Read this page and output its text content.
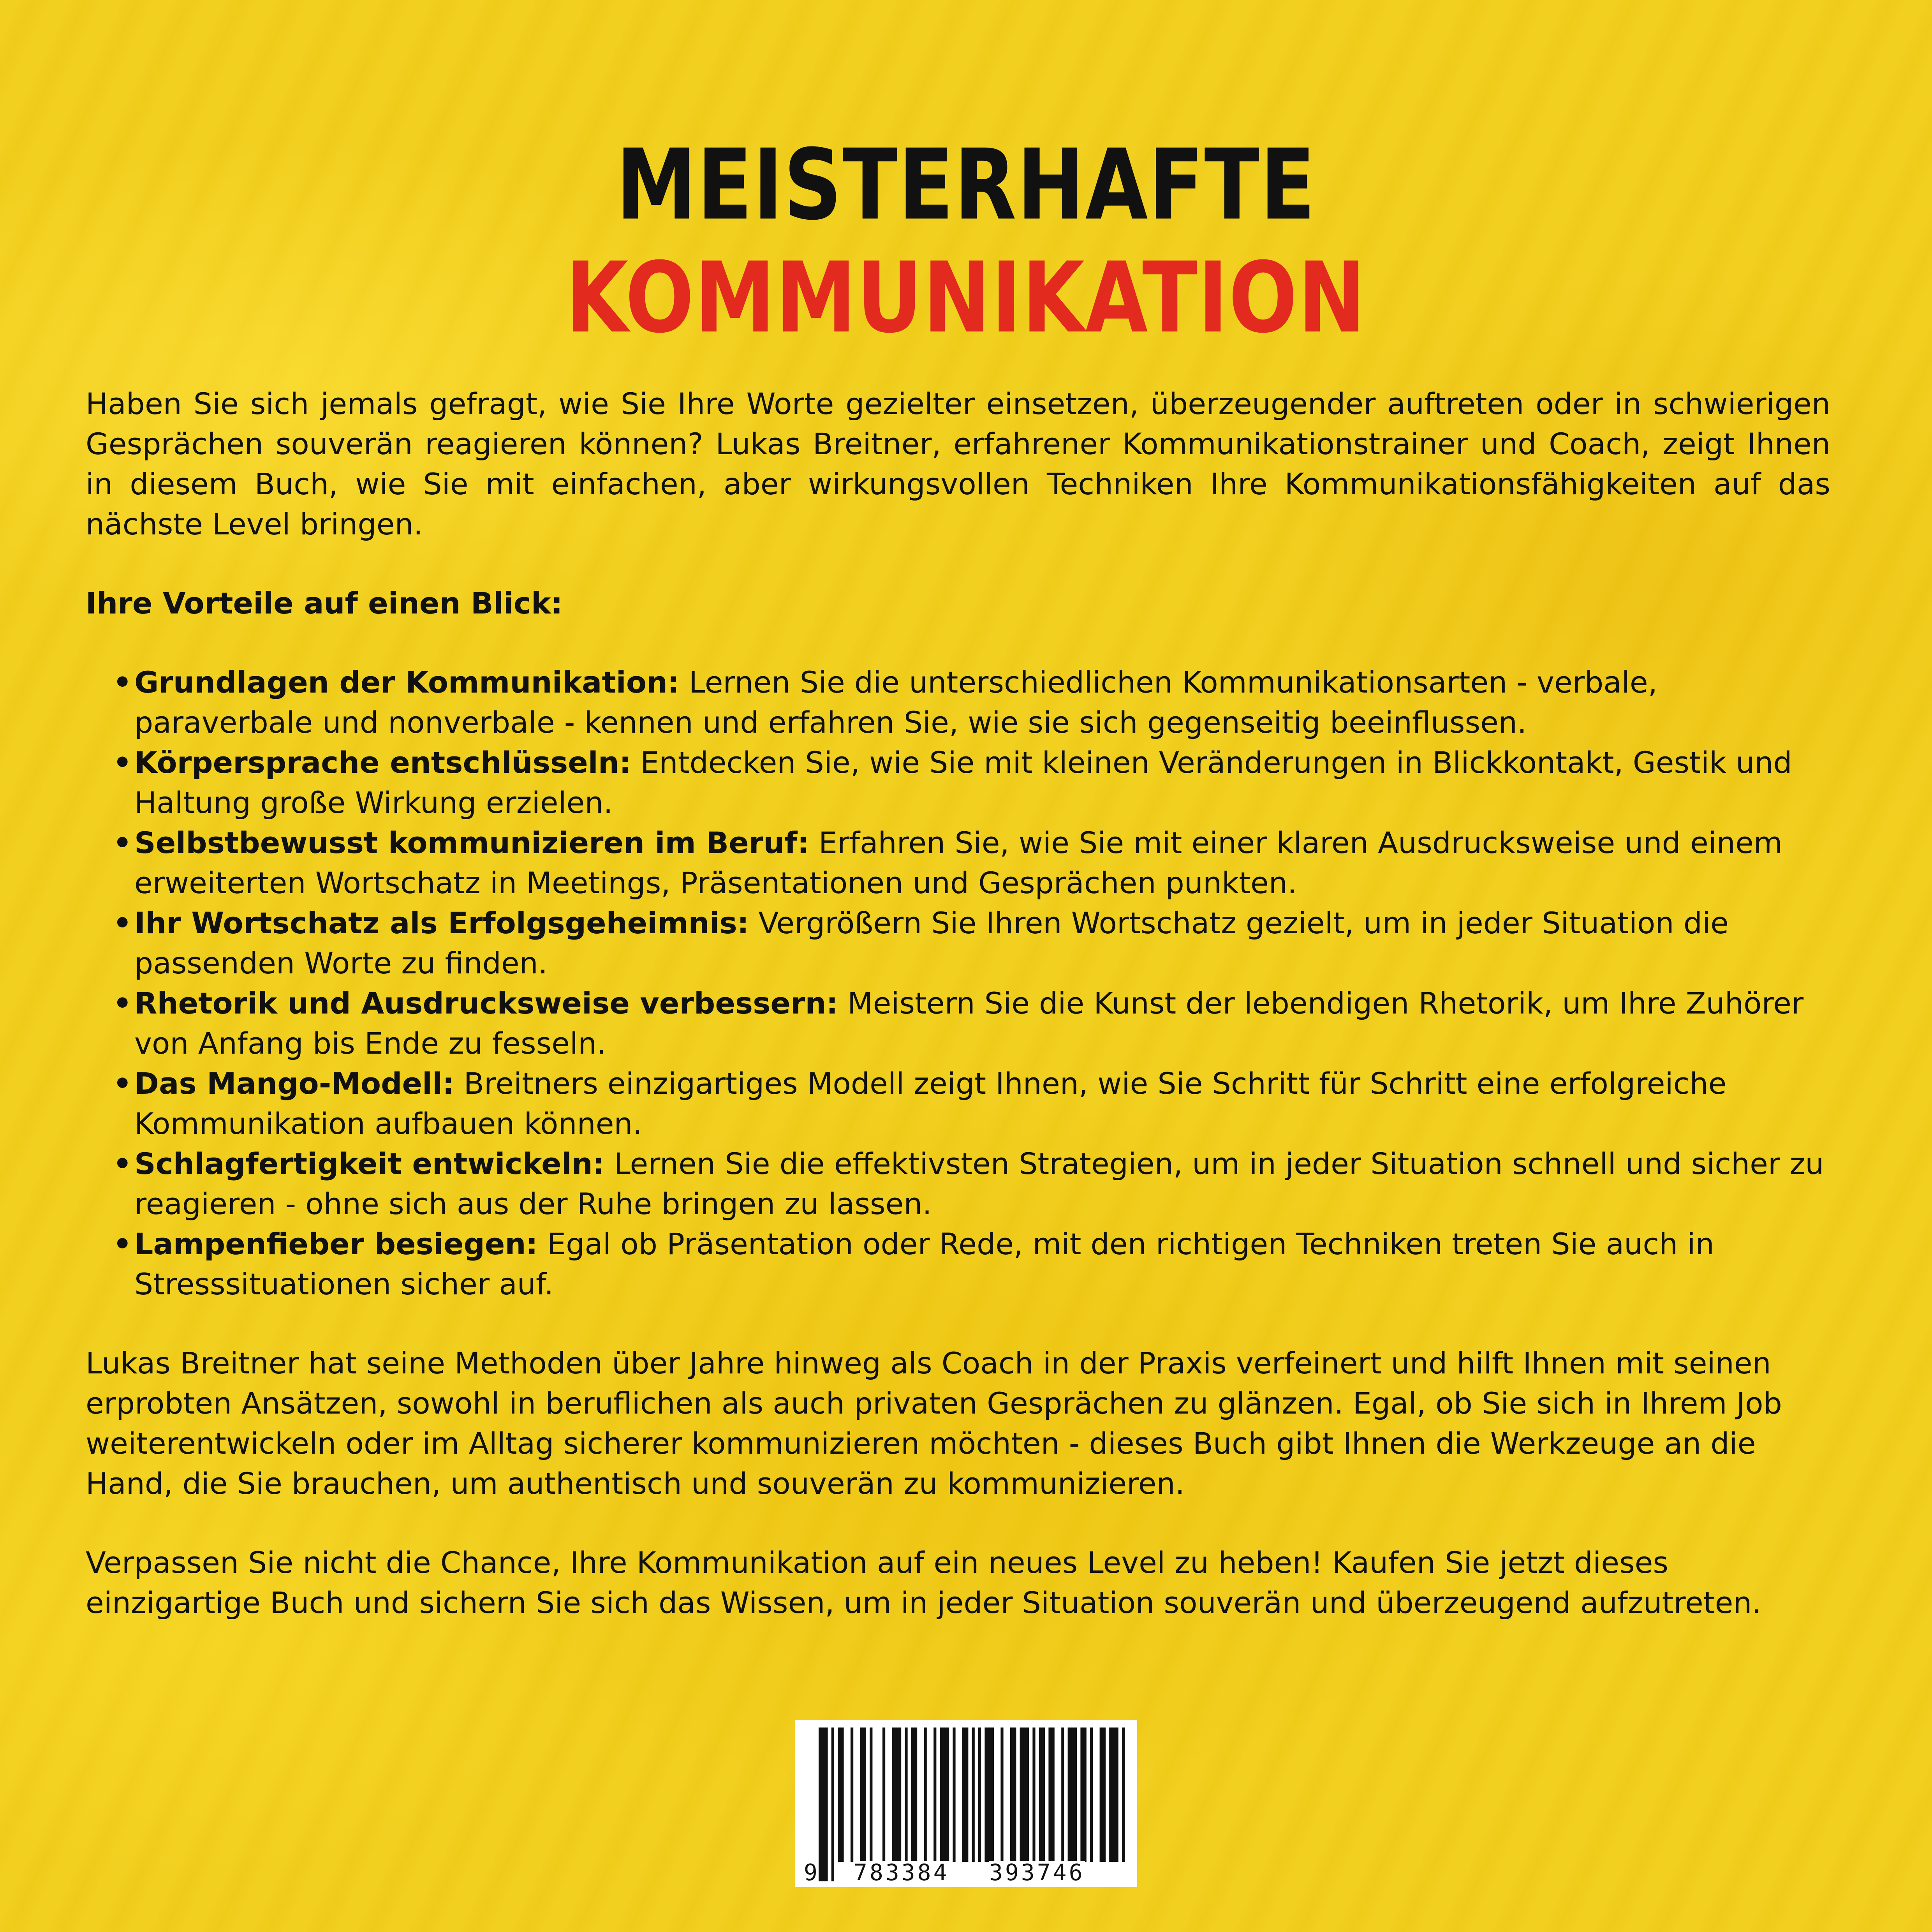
MEISTERHAFTE
KOMMUNIKATION

Haben Sie sich jemals gefragt, wie Sie Ihre Worte gezielter einsetzen, überzeugender auftreten oder in schwierigen Gesprächen souverän reagieren können? Lukas Breitner, erfahrener Kommunikationstrainer und Coach, zeigt Ihnen in diesem Buch, wie Sie mit einfachen, aber wirkungsvollen Techniken Ihre Kommunikationsfähigkeiten auf das nächste Level bringen.

Ihre Vorteile auf einen Blick:

• Grundlagen der Kommunikation: Lernen Sie die unterschiedlichen Kommunikationsarten - verbale, paraverbale und nonverbale - kennen und erfahren Sie, wie sie sich gegenseitig beeinflussen.
• Körpersprache entschlüsseln: Entdecken Sie, wie Sie mit kleinen Veränderungen in Blickkontakt, Gestik und Haltung große Wirkung erzielen.
• Selbstbewusst kommunizieren im Beruf: Erfahren Sie, wie Sie mit einer klaren Ausdrucksweise und einem erweiterten Wortschatz in Meetings, Präsentationen und Gesprächen punkten.
• Ihr Wortschatz als Erfolgsgeheimnis: Vergrößern Sie Ihren Wortschatz gezielt, um in jeder Situation die passenden Worte zu finden.
• Rhetorik und Ausdrucksweise verbessern: Meistern Sie die Kunst der lebendigen Rhetorik, um Ihre Zuhörer von Anfang bis Ende zu fesseln.
• Das Mango-Modell: Breitners einzigartiges Modell zeigt Ihnen, wie Sie Schritt für Schritt eine erfolgreiche Kommunikation aufbauen können.
• Schlagfertigkeit entwickeln: Lernen Sie die effektivsten Strategien, um in jeder Situation schnell und sicher zu reagieren - ohne sich aus der Ruhe bringen zu lassen.
• Lampenfieber besiegen: Egal ob Präsentation oder Rede, mit den richtigen Techniken treten Sie auch in Stresssituationen sicher auf.

Lukas Breitner hat seine Methoden über Jahre hinweg als Coach in der Praxis verfeinert und hilft Ihnen mit seinen erprobten Ansätzen, sowohl in beruflichen als auch privaten Gesprächen zu glänzen. Egal, ob Sie sich in Ihrem Job weiterentwickeln oder im Alltag sicherer kommunizieren möchten - dieses Buch gibt Ihnen die Werkzeuge an die Hand, die Sie brauchen, um authentisch und souverän zu kommunizieren.

Verpassen Sie nicht die Chance, Ihre Kommunikation auf ein neues Level zu heben! Kaufen Sie jetzt dieses einzigartige Buch und sichern Sie sich das Wissen, um in jeder Situation souverän und überzeugend aufzutreten.

9 783384 393746
